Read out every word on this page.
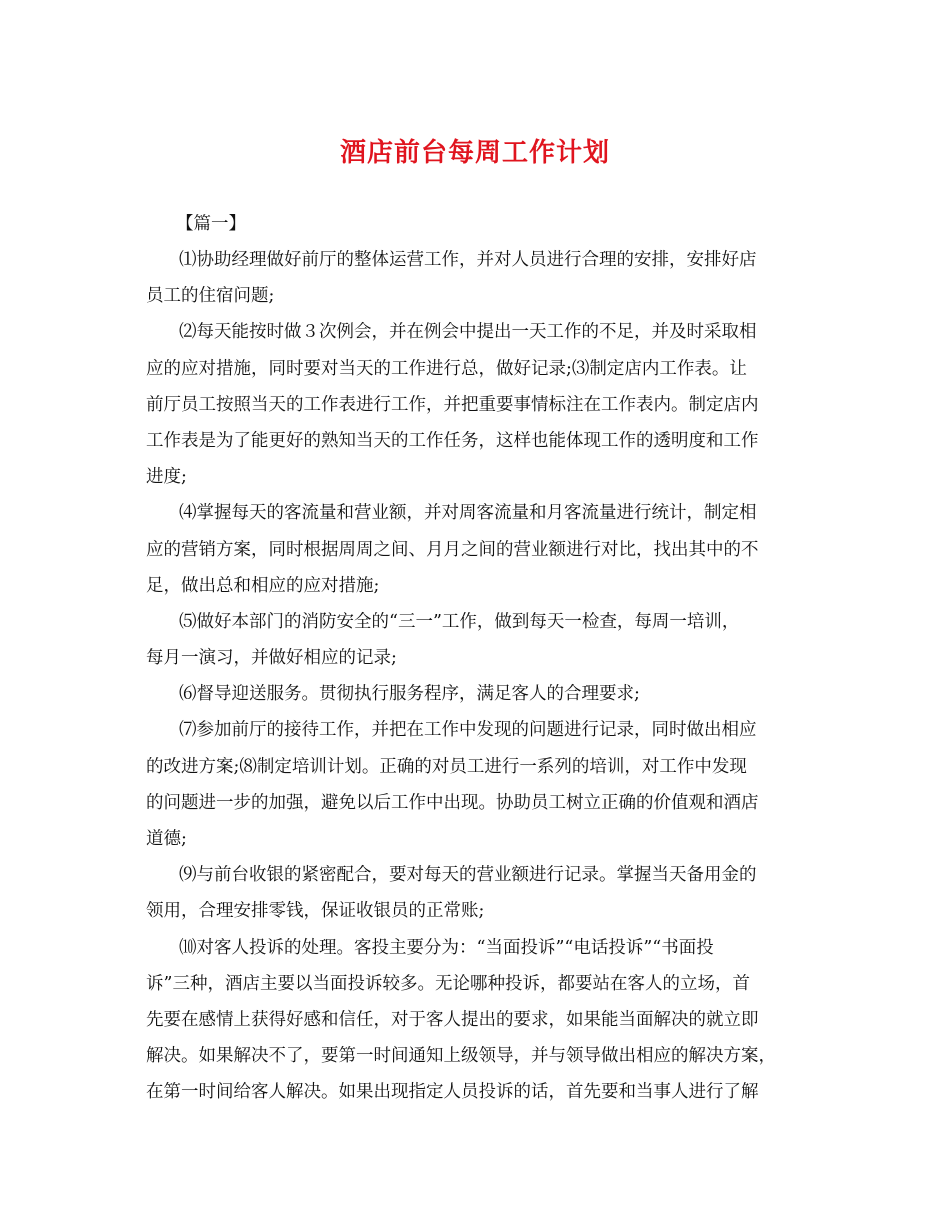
酒店前台每周工作计划
【篇一】
⑴协助经理做好前厅的整体运营工作，并对人员进行合理的安排，安排好店
员工的住宿问题;
⑵每天能按时做３次例会，并在例会中提出一天工作的不足，并及时采取相
应的应对措施，同时要对当天的工作进行总，做好记录;⑶制定店内工作表。让
前厅员工按照当天的工作表进行工作，并把重要事情标注在工作表内。制定店内
工作表是为了能更好的熟知当天的工作任务，这样也能体现工作的透明度和工作
进度;
⑷掌握每天的客流量和营业额，并对周客流量和月客流量进行统计，制定相
应的营销方案，同时根据周周之间、月月之间的营业额进行对比，找出其中的不
足，做出总和相应的应对措施;
⑸做好本部门的消防安全的“三一”工作，做到每天一检查，每周一培训，
每月一演习，并做好相应的记录;
⑹督导迎送服务。贯彻执行服务程序，满足客人的合理要求;
⑺参加前厅的接待工作，并把在工作中发现的问题进行记录，同时做出相应
的改进方案;⑻制定培训计划。正确的对员工进行一系列的培训，对工作中发现
的问题进一步的加强，避免以后工作中出现。协助员工树立正确的价值观和酒店
道德;
⑼与前台收银的紧密配合，要对每天的营业额进行记录。掌握当天备用金的
领用，合理安排零钱，保证收银员的正常账;
⑽对客人投诉的处理。客投主要分为：“当面投诉”“电话投诉”“书面投
诉”三种，酒店主要以当面投诉较多。无论哪种投诉，都要站在客人的立场，首
先要在感情上获得好感和信任，对于客人提出的要求，如果能当面解决的就立即
解决。如果解决不了，要第一时间通知上级领导，并与领导做出相应的解决方案，
在第一时间给客人解决。如果出现指定人员投诉的话，首先要和当事人进行了解
